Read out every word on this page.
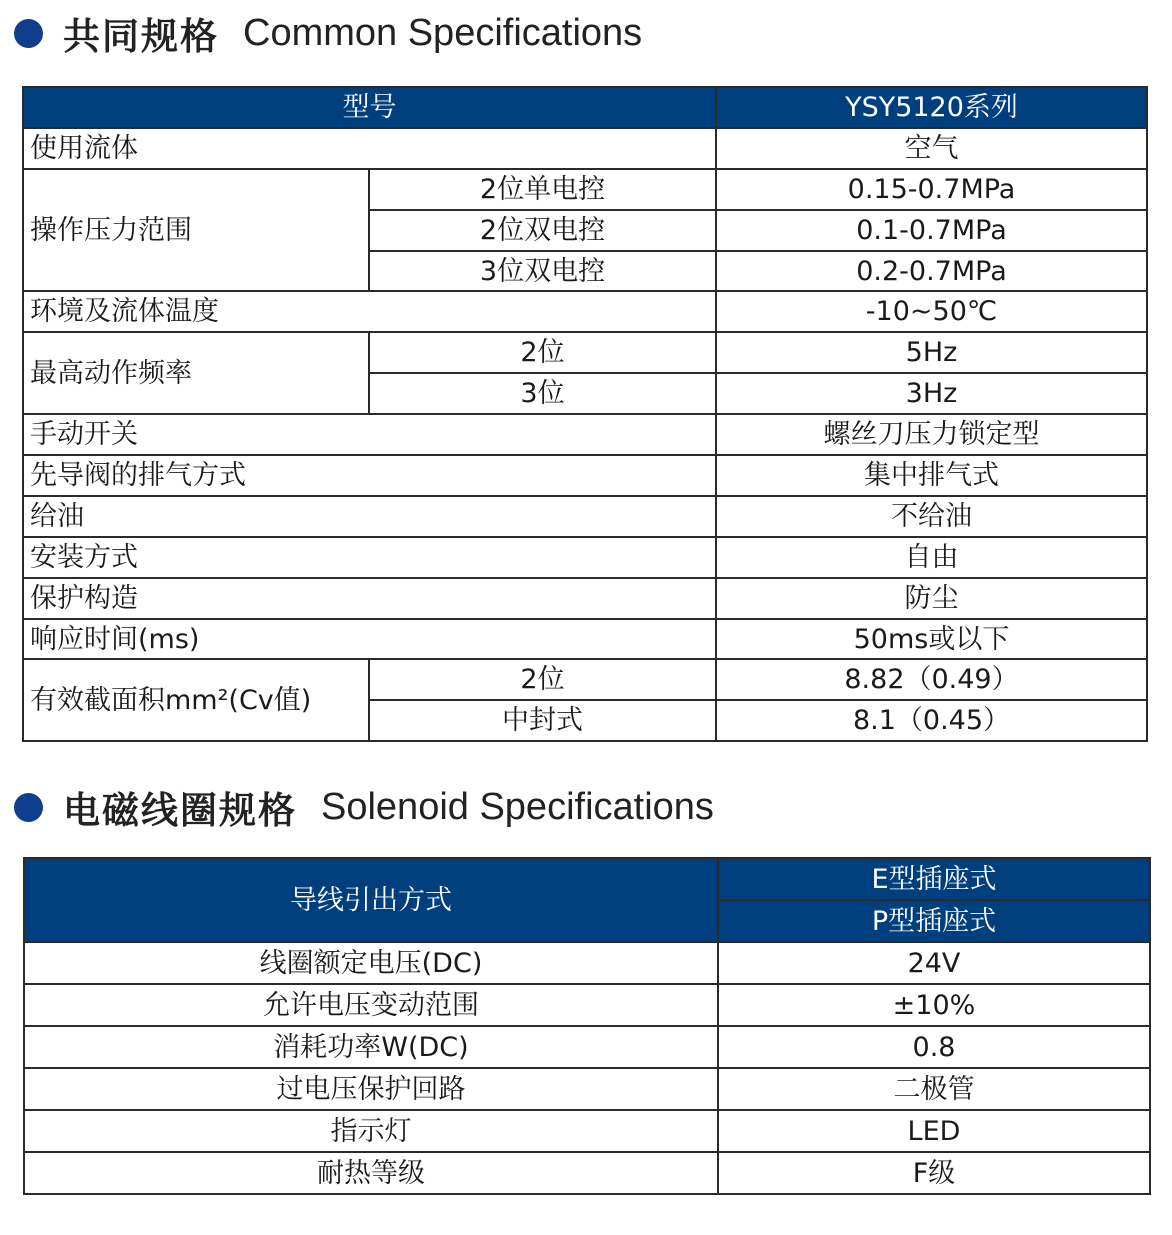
共同规格 Common Specifications
型号		YSY5120系列
使用流体		空气
操作压力范围	2位单电控	0.15-0.7MPa
	2位双电控	0.1-0.7MPa
	3位双电控	0.2-0.7MPa
环境及流体温度		-10~50℃
最高动作频率	2位	5Hz
	3位	3Hz
手动开关		螺丝刀压力锁定型
先导阀的排气方式		集中排气式
给油		不给油
安装方式		自由
保护构造		防尘
响应时间(ms)		50ms或以下
有效截面积mm²(Cv值)	2位	8.82（0.49）
	中封式	8.1（0.45）
电磁线圈规格 Solenoid Specifications
导线引出方式	E型插座式
	P型插座式
线圈额定电压(DC)	24V
允许电压变动范围	±10%
消耗功率W(DC)	0.8
过电压保护回路	二极管
指示灯	LED
耐热等级	F级
